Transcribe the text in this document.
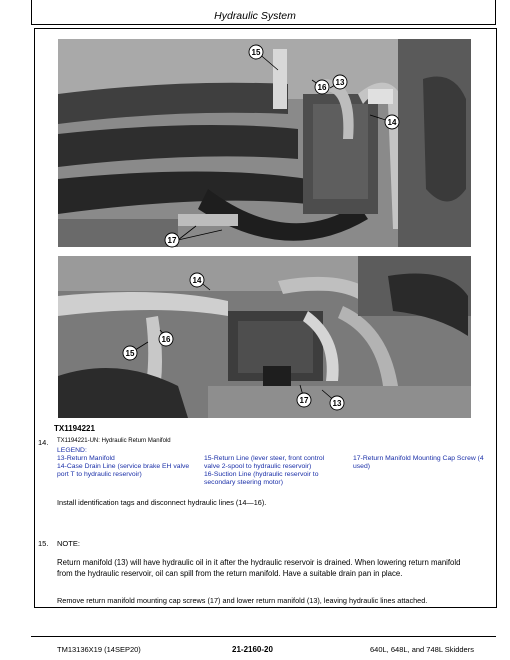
Hydraulic System
15
16
13
14
17
14
15
16
17	13
TX1194221
14. TX1194221-UN: Hydraulic Return Manifold
LEGEND:
13-Return Manifold
14-Case Drain Line (service brake EH valve
port T to hydraulic reservoir)
15-Return Line (lever steer, front control
valve 2-spool to hydraulic reservoir)
16-Suction Line (hydraulic reservoir to
secondary steering motor)
17-Return Manifold Mounting Cap Screw (4
used)
Install identification tags and disconnect hydraulic lines (14—16).
15. NOTE:
Return manifold (13) will have hydraulic oil in it after the hydraulic reservoir is drained. When lowering return manifold
from the hydraulic reservoir, oil can spill from the return manifold. Have a suitable drain pan in place.
Remove return manifold mounting cap screws (17) and lower return manifold (13), leaving hydraulic lines attached.
TM13136X19 (14SEP20)	21-2160-20	640L, 648L, and 748L Skidders
